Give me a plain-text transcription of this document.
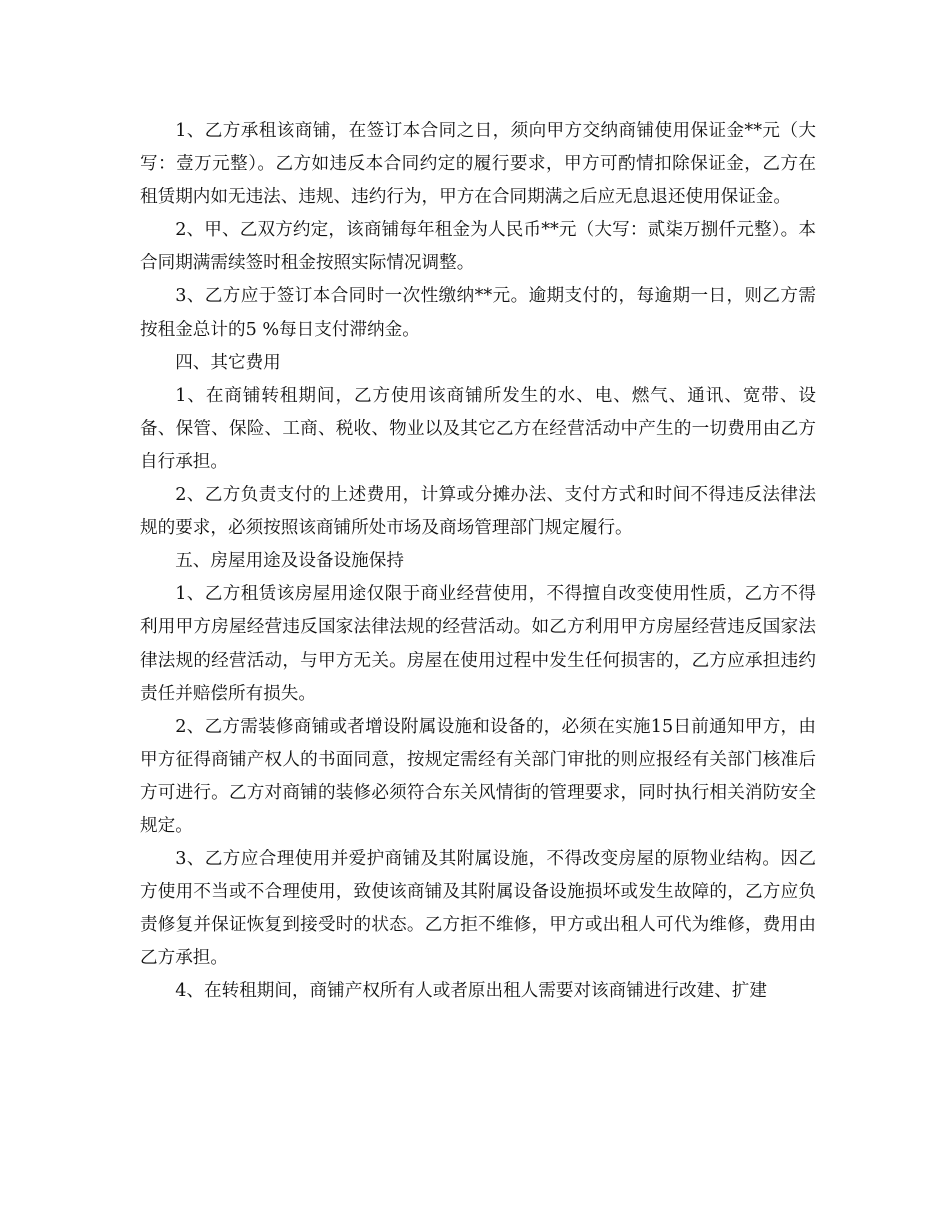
1、乙方承租该商铺，在签订本合同之日，须向甲方交纳商铺使用保证金**元（大写：壹万元整）。乙方如违反本合同约定的履行要求，甲方可酌情扣除保证金，乙方在租赁期内如无违法、违规、违约行为，甲方在合同期满之后应无息退还使用保证金。

2、甲、乙双方约定，该商铺每年租金为人民币**元（大写：贰柒万捌仟元整）。本合同期满需续签时租金按照实际情况调整。

3、乙方应于签订本合同时一次性缴纳**元。逾期支付的，每逾期一日，则乙方需按租金总计的5 %每日支付滞纳金。

四、其它费用

1、在商铺转租期间，乙方使用该商铺所发生的水、电、燃气、通讯、宽带、设备、保管、保险、工商、税收、物业以及其它乙方在经营活动中产生的一切费用由乙方自行承担。

2、乙方负责支付的上述费用，计算或分摊办法、支付方式和时间不得违反法律法规的要求，必须按照该商铺所处市场及商场管理部门规定履行。

五、房屋用途及设备设施保持

1、乙方租赁该房屋用途仅限于商业经营使用，不得擅自改变使用性质，乙方不得利用甲方房屋经营违反国家法律法规的经营活动。如乙方利用甲方房屋经营违反国家法律法规的经营活动，与甲方无关。房屋在使用过程中发生任何损害的，乙方应承担违约责任并赔偿所有损失。

2、乙方需装修商铺或者增设附属设施和设备的，必须在实施15日前通知甲方，由甲方征得商铺产权人的书面同意，按规定需经有关部门审批的则应报经有关部门核准后方可进行。乙方对商铺的装修必须符合东关风情街的管理要求，同时执行相关消防安全规定。

3、乙方应合理使用并爱护商铺及其附属设施，不得改变房屋的原物业结构。因乙方使用不当或不合理使用，致使该商铺及其附属设备设施损坏或发生故障的，乙方应负责修复并保证恢复到接受时的状态。乙方拒不维修，甲方或出租人可代为维修，费用由乙方承担。

4、在转租期间，商铺产权所有人或者原出租人需要对该商铺进行改建、扩建
